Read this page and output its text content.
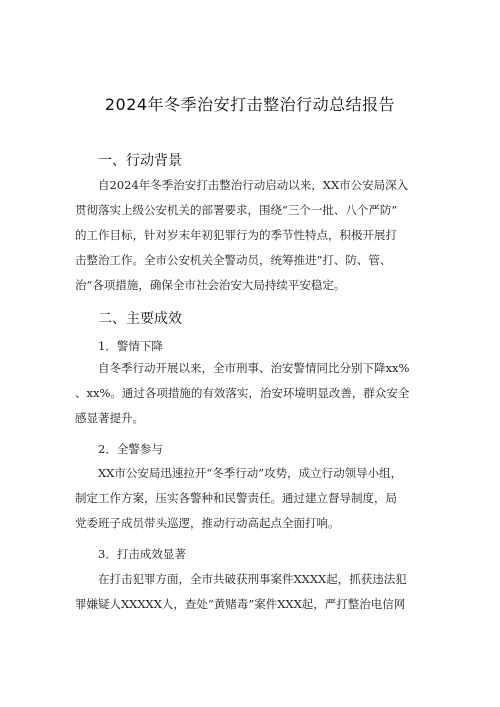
2024年冬季治安打击整治行动总结报告
一、行动背景
　　自2024年冬季治安打击整治行动启动以来，XX市公安局深入
贯彻落实上级公安机关的部署要求，围绕“三个一批、八个严防”
的工作目标，针对岁末年初犯罪行为的季节性特点，积极开展打
击整治工作。全市公安机关全警动员，统筹推进“打、防、管、
治”各项措施，确保全市社会治安大局持续平安稳定。
二、主要成效
1．警情下降
　　自冬季行动开展以来，全市刑事、治安警情同比分别下降xx%
、xx%。通过各项措施的有效落实，治安环境明显改善，群众安全
感显著提升。
2．全警参与
　　XX市公安局迅速拉开“冬季行动”攻势，成立行动领导小组，
制定工作方案，压实各警种和民警责任。通过建立督导制度，局
党委班子成员带头巡逻，推动行动高起点全面打响。
3．打击成效显著
　　在打击犯罪方面，全市共破获刑事案件XXXX起，抓获违法犯
罪嫌疑人XXXXX人，查处“黄赌毒”案件XXX起，严打整治电信网
